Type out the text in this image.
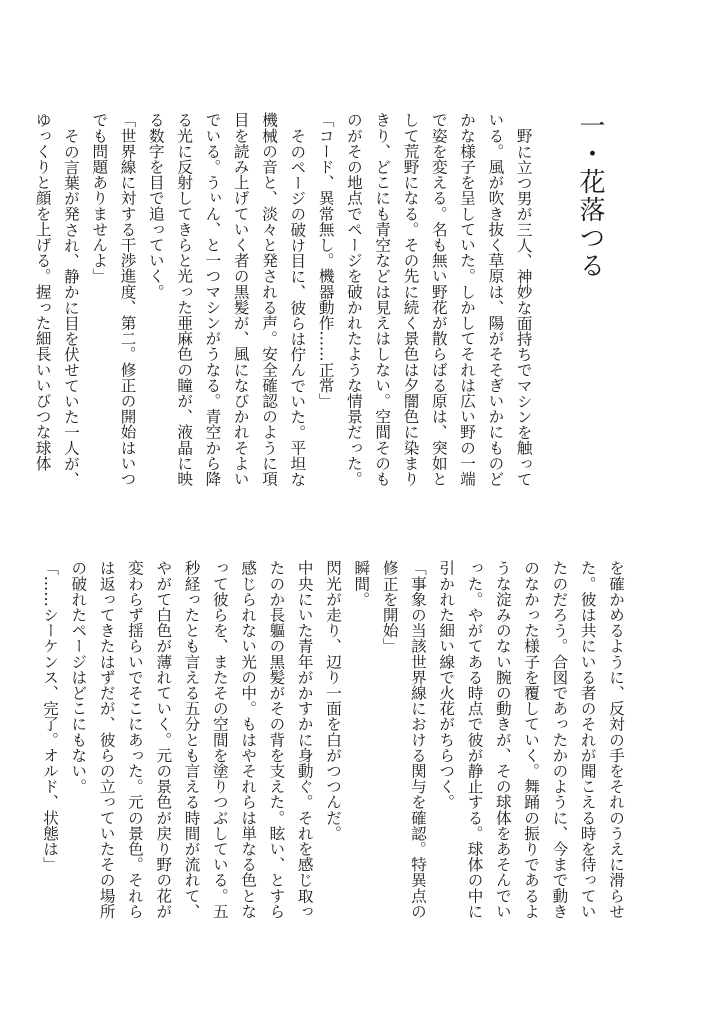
一・花落つる

野に立つ男が三人、神妙な面持ちでマシンを触っている。風が吹き抜く草原は、陽がそそぎいかにものどかな様子を呈していた。しかしてそれは広い野の一端で姿を変える。名も無い野花が散らばる原は、突如として荒野になる。その先に続く景色は夕闇色に染まりきり、どこにも青空などは見えはしない。空間そのものがその地点でページを破かれたような情景だった。

「コード、異常無し。機器動作……正常」

そのページの破け目に、彼らは佇んでいた。平坦な機械の音と、淡々と発される声。安全確認のように項目を読み上げていく者の黒髪が、風になびかれそよいでいる。うぃん、と一つマシンがうなる。青空から降る光に反射してきらと光った亜麻色の瞳が、液晶に映る数字を目で追っていく。

「世界線に対する干渉進度、第二。修正の開始はいつでも問題ありませんよ」

その言葉が発され、静かに目を伏せていた一人が、ゆっくりと顔を上げる。握った細長いいびつな球体

を確かめるように、反対の手をそれのうえに滑らせた。彼は共にいる者のそれが聞こえる時を待っていたのだろう。合図であったかのように、今まで動きのなかった様子を覆していく。舞踊の振りであるような淀みのない腕の動きが、その球体をあそんでいった。やがてある時点で彼が静止する。球体の中に引かれた細い線で火花がちらつく。

「事象の当該世界線における関与を確認。特異点の修正を開始」

瞬間。

閃光が走り、辺り一面を白がつつんだ。

中央にいた青年がかすかに身動ぐ。それを感じ取ったのか長軀の黒髪がその背を支えた。眩い、とすら感じられない光の中。もはやそれらは単なる色となって彼らを、またその空間を塗りつぶしている。五秒経ったとも言える五分とも言える時間が流れて、やがて白色が薄れていく。元の景色が戻り野の花が変わらず揺らいでそこにあった。元の景色。それらは返ってきたはずだが、彼らの立っていたその場所の破れたページはどこにもない。

「……シーケンス、完了。オルド、状態は」
